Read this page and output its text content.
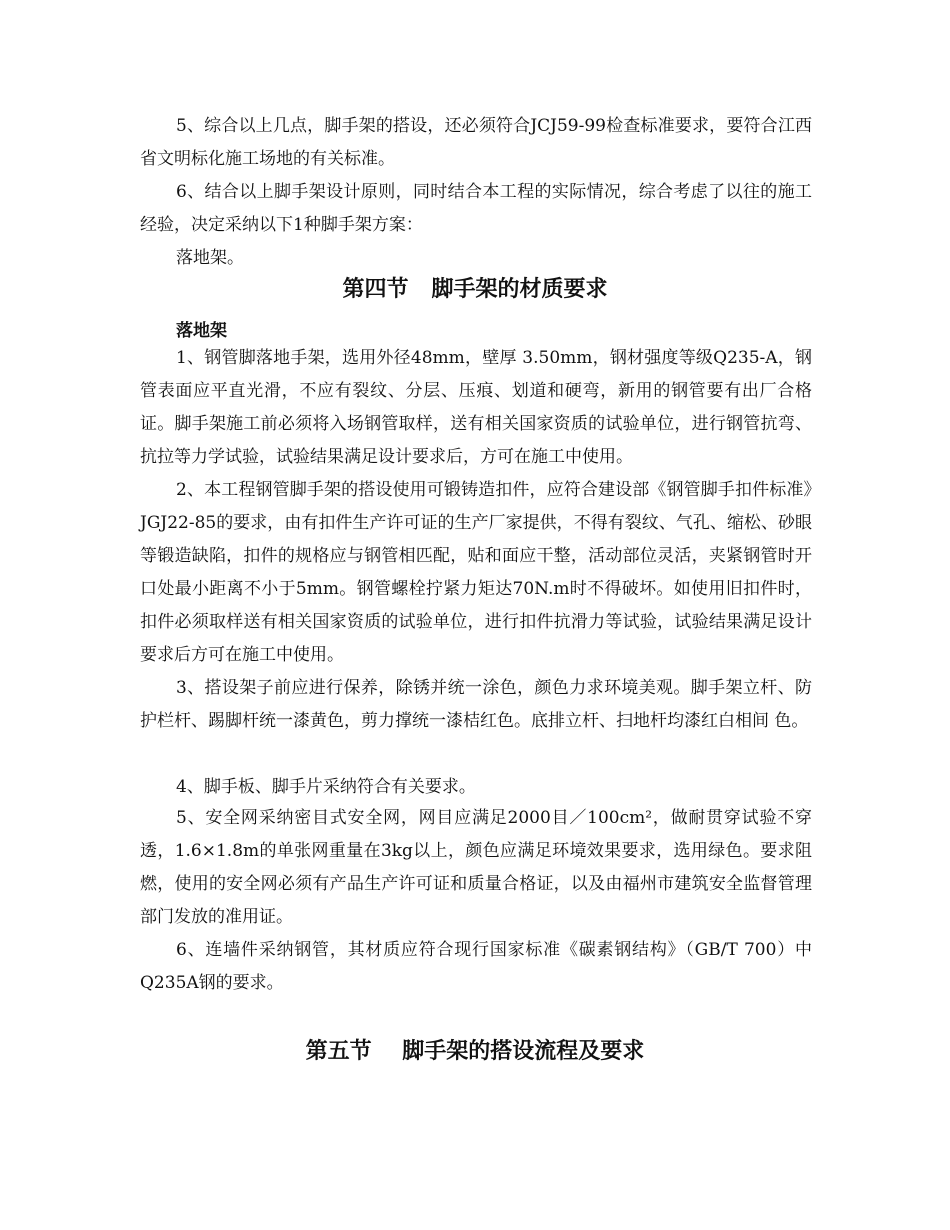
5、综合以上几点，脚手架的搭设，还必须符合JCJ59-99检查标准要求，要符合江西省文明标化施工场地的有关标准。

6、结合以上脚手架设计原则，同时结合本工程的实际情况，综合考虑了以往的施工经验，决定采纳以下1种脚手架方案：

落地架。

第四节   脚手架的材质要求
落地架

1、钢管脚落地手架，选用外径48mm，壁厚 3.50mm，钢材强度等级Q235-A，钢管表面应平直光滑，不应有裂纹、分层、压痕、划道和硬弯，新用的钢管要有出厂合格证。脚手架施工前必须将入场钢管取样，送有相关国家资质的试验单位，进行钢管抗弯、抗拉等力学试验，试验结果满足设计要求后，方可在施工中使用。

2、本工程钢管脚手架的搭设使用可锻铸造扣件，应符合建设部《钢管脚手扣件标准》JGJ22-85的要求，由有扣件生产许可证的生产厂家提供，不得有裂纹、气孔、缩松、砂眼等锻造缺陷，扣件的规格应与钢管相匹配，贴和面应干整，活动部位灵活，夹紧钢管时开口处最小距离不小于5mm。钢管螺栓拧紧力矩达70N.m时不得破坏。如使用旧扣件时，扣件必须取样送有相关国家资质的试验单位，进行扣件抗滑力等试验，试验结果满足设计要求后方可在施工中使用。

3、搭设架子前应进行保养，除锈并统一涂色，颜色力求环境美观。脚手架立杆、防护栏杆、踢脚杆统一漆黄色，剪力撑统一漆桔红色。底排立杆、扫地杆均漆红白相间 色。

4、脚手板、脚手片采纳符合有关要求。

5、安全网采纳密目式安全网，网目应满足2000目／100cm²，做耐贯穿试验不穿透，1.6×1.8m的单张网重量在3kg以上，颜色应满足环境效果要求，选用绿色。要求阻燃，使用的安全网必须有产品生产许可证和质量合格证，以及由福州市建筑安全监督管理部门发放的准用证。

6、连墙件采纳钢管，其材质应符合现行国家标准《碳素钢结构》（GB/T 700）中Q235A钢的要求。

第五节    脚手架的搭设流程及要求
